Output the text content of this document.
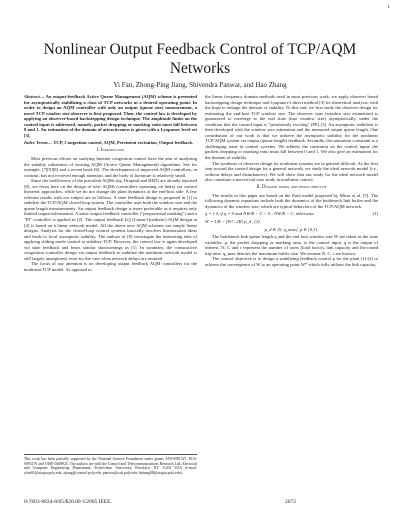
1
Nonlinear Output Feedback Control of TCP/AQM Networks
Yi Fan, Zhong-Ping Jiang, Shivendra Panwar, and Hao Zhang

Abstract— An output-feedback Active Queue Management (AQM) scheme is presented for asymptotically stabilizing a class of TCP networks at a desired operating point. In order to design an AQM controller with only an output (queue size) measurement, a novel TCP window size observer is first proposed. Then, the control law is developed by applying an observer-based backstepping design technique. The amplitude limits on the control input is addressed, namely, packet dropping or marking ratio must fall between 0 and 1. An estimation of the domain of attractiveness is given with a Lyapunov level set [3].

Index Terms— TCP, Congestion control, AQM, Persistent excitation, Output feedback.

I. Introduction

Most previous efforts on studying Internet congestion control have the aim of analyzing the stability robustness of existing AQM (Active Queue Management) algorithms. See for example, [7][9][8] and a recent book [6]. The development of improved AQM controllers, in contrast, has not received enough attention, and the body of literature is relatively small.

Since the inefficiency of the prevalent AQMs (eg. Droptail and RED) are already reported [8], we focus here on the design of new AQMs (controllers operating on links) via control theoretic approaches. while we do not change the plant dynamics at the end-host side. A few relevant results with our subject are as follows. A state feedback design is proposed in [1] to stabilize the TCP/AQM closed loop system. The controller uses both the window size and the queue length measurements. An output feedback design is more preferable as it requires only limited output information. A static output feedback controller ("proportional marking") and a "PI" controller is applied in [2]. The output feedback LQ (Linear-Quadratic) AQM design in [4] is based on a linear network model. All the above new AQM schemes are simple linear designs. Analysis for the closed-loop control systems basically involves linearization ideas and leads to local asymptotic stability. The authors of [8] investigate the interesting idea of applying sliding mode control to stabilize TCP. However, the control law is again developed via state feedback and bears similar shortcomings as [1]. In summary, the constructive congestion controller design via output feedback to stabilize the nonlinear network model is still largely unexplored, even for the case when network delays are omitted.

The focus of our attention is on developing output feedback AQM controllers for the nonlinear TCP model. As opposed to

the linear frequency domain methods used in most previous work, we apply observer based backstepping design technique and Lyapunov's direct method [3] for theoretical analysis, with the hope to enlarge the domain of stability. To this end, we first study the observer design for estimating the end-host TCP window size. The observer state (window size estimation) is guaranteed to converge to the real state (true window size) asymptotically, under the condition that the control input is "persistently exciting" (PE) [3]. An asymptotic stabilizer is then developed with the window size estimation and the measured output queue length. One contribution of our work is that we achieve the asymptotic stability for the nonlinear TCP/AQM system via output (queue length) feedback. Secondly, the saturation constraint is a challenging issue in control systems. We address the constraint on the control input: the packets dropping or marking ratio must fall between 0 and 1. We also give an estimation for the domain of stability.

The synthesis of observer design for nonlinear systems are in general difficult. As the first step toward the control design for a general network, we study the ideal network model (i.e., without delays and disturbances). We will show that our study for the ideal network model also constitute a non-trivial case study in nonlinear control.

II. Dynamic model and design objective

The results in this paper are based on the fluid model proposed by Misra et al. [5]. The following dynamic equations include both the dynamics of the bottleneck link buffer and the dynamics of the window size, which are typical behaviors of the TCP/AQM network.

q̇ = { 0, if q = 0 and NW/R − C < 0 ; NW/R − C, otherwise.	(1)
Ẇ = 1/R − (W² / 2R) p_d , (2)
p_d ∈ [0, q_max], p ∈ [0,1].

The bottleneck link queue length q and the end host window size W are taken as the state variables. p, the packet dropping or marking ratio, is the control input. q is the output of interest. N, C and r represent the number of users (load factor), link capacity and the round trip time. q_max denotes the maximum buffer size. We assume N, C, r are known.

The control objective is to design a stabilizing feedback control p for the plant (1)-(2) to achieve the convergence of W to an operating point W* which fully utilizes the link capacity,

This work has been partially supported by the National Science Foundation under grants ANI-0081527, ECS-0093176 and OISE-0408925. The authors are with the Control and Telecommunications Research Lab, Electrical and Computer Engineering Department, Polytechnic University, Brooklyn, NY 11201 USA (e-mail: yfan01@utopia.poly.edu; zjiang@control.poly.edu; panwar@catt.poly.edu; hzhang08@utopia.poly.edu).
0-7803-8834-8/05/$20.00 ©2005 IEEE.	2672
